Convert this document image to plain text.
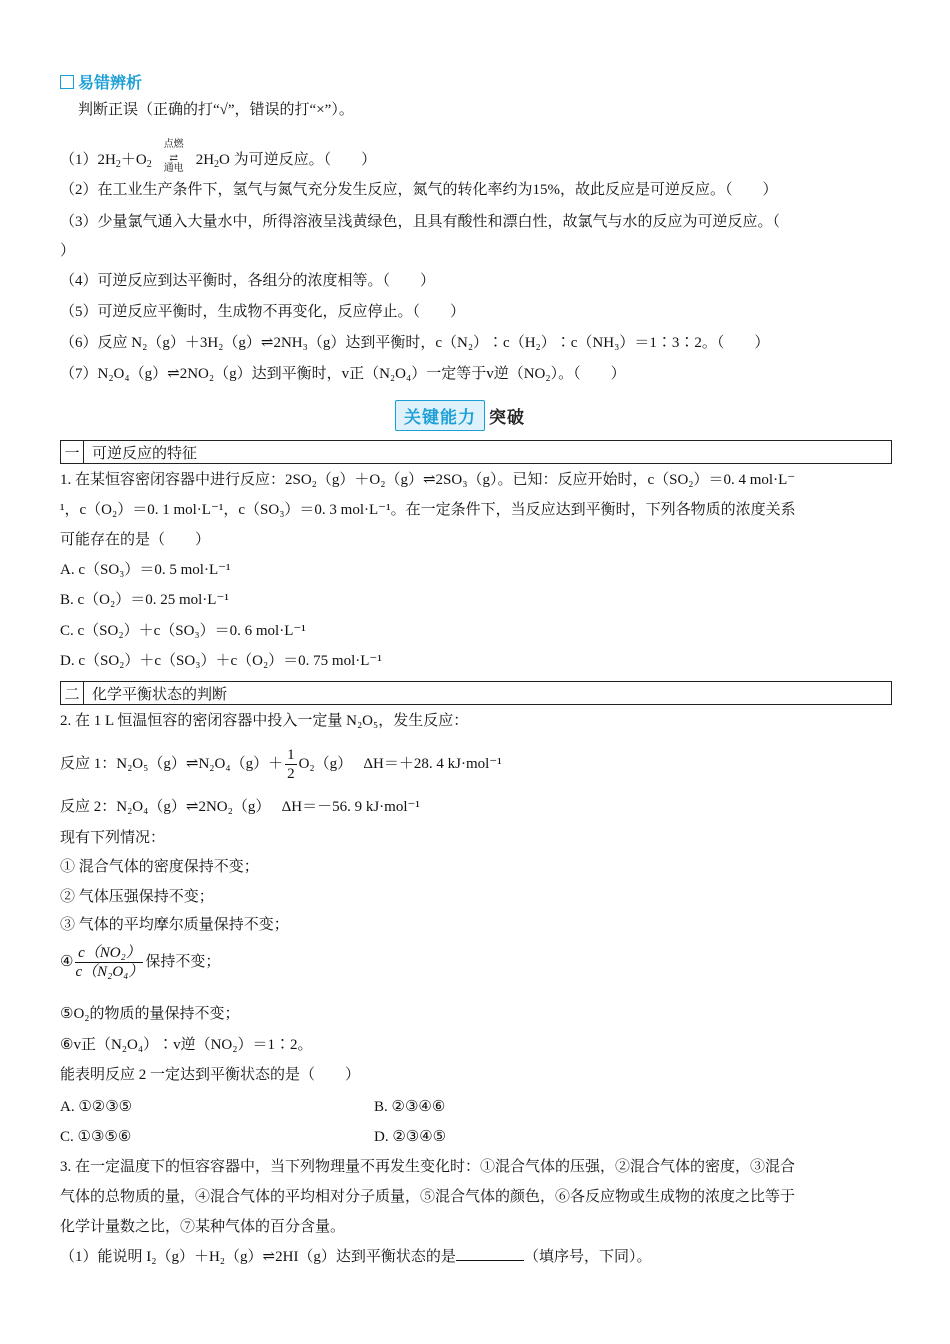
易错辨析
判断正误（正确的打“√”，错误的打“×”）。
$(1)2H_2+O_2$
点燃
⇄
通电
$2H_2O$ 为可逆反应。（　　）
（2）在工业生产条件下，氢气与氮气充分发生反应，氮气的转化率约为15%，故此反应是可逆反应。（　　）
（3）少量氯气通入大量水中，所得溶液呈浅黄绿色，且具有酸性和漂白性，故氯气与水的反应为可逆反应。（
）
（4）可逆反应到达平衡时，各组分的浓度相等。（　　）
（5）可逆反应平衡时，生成物不再变化，反应停止。（　　）
（6）反应 N₂（g）＋3H₂（g）⇌2NH₃（g）达到平衡时，c（N₂）∶c（H₂）∶c（NH₃）＝1∶3∶2。（　　）
（7）N₂O₄（g）⇌2NO₂（g）达到平衡时，v正（N₂O₄）一定等于v逆（NO₂）。（　　）
关键能力 突破
一 可逆反应的特征
1. 在某恒容密闭容器中进行反应：2SO₂（g）＋O₂（g）⇌2SO₃（g）。已知：反应开始时，c（SO₂）＝0. 4 mol·L⁻
¹，c（O₂）＝0. 1 mol·L⁻¹，c（SO₃）＝0. 3 mol·L⁻¹。在一定条件下，当反应达到平衡时，下列各物质的浓度关系
可能存在的是（　　）
A. c（SO₃）＝0. 5 mol·L⁻¹
B. c（O₂）＝0. 25 mol·L⁻¹
C. c（SO₂）＋c（SO₃）＝0. 6 mol·L⁻¹
D. c（SO₂）＋c（SO₃）＋c（O₂）＝0. 75 mol·L⁻¹
二 化学平衡状态的判断
2. 在 1 L 恒温恒容的密闭容器中投入一定量 N₂O₅，发生反应：
反应 1：N₂O₅（g）⇌N₂O₄（g）＋ $\frac{1}{2} O_2(g)$　 ΔH＝＋28. 4 kJ·mol⁻¹
反应 2：N₂O₄（g）⇌2NO₂（g）　 ΔH＝－56. 9 kJ·mol⁻¹
现有下列情况：
① 混合气体的密度保持不变；
② 气体压强保持不变；
③ 气体的平均摩尔质量保持不变；
④ $\frac{\text{c（NO₂）}}{\text{c（N₂O₄）}}$ 保持不变；
⑤O₂的物质的量保持不变；
⑥v正（N₂O₄）∶v逆（NO₂）＝1∶2。
能表明反应 2 一定达到平衡状态的是（　　）
A. ①②③⑤	B. ②③④⑥
C. ①③⑤⑥	D. ②③④⑤
3. 在一定温度下的恒容容器中，当下列物理量不再发生变化时：①混合气体的压强，②混合气体的密度，③混合
气体的总物质的量，④混合气体的平均相对分子质量，⑤混合气体的颜色，⑥各反应物或生成物的浓度之比等于
化学计量数之比，⑦某种气体的百分含量。
（1）能说明 I₂（g）＋H₂（g）⇌2HI（g）达到平衡状态的是	（填序号，下同）。
